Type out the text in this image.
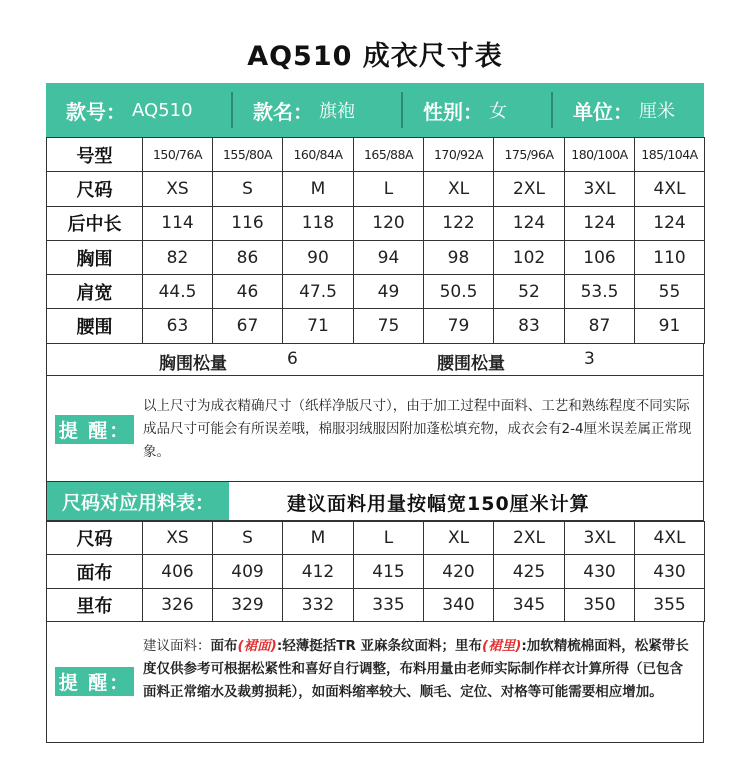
AQ510 成衣尺寸表
款号： AQ510	款名： 旗袍	性别： 女	单位： 厘米
号型	150/76A	155/80A	160/84A	165/88A	170/92A	175/96A	180/100A	185/104A
尺码	XS	S	M	L	XL	2XL	3XL	4XL
后中长	114	116	118	120	122	124	124	124
胸围	82	86	90	94	98	102	106	110
肩宽	44.5	46	47.5	49	50.5	52	53.5	55
腰围	63	67	71	75	79	83	87	91
胸围松量	6	腰围松量	3
提 醒：
以上尺寸为成衣精确尺寸（纸样净版尺寸），由于加工过程中面料、工艺和熟练程度不同实际成品尺寸可能会有所误差哦，棉服羽绒服因附加蓬松填充物，成衣会有2-4厘米误差属正常现象。
尺码对应用料表：	建议面料用量按幅宽150厘米计算
尺码	XS	S	M	L	XL	2XL	3XL	4XL
面布	406	409	412	415	420	425	430	430
里布	326	329	332	335	340	345	350	355
提 醒：
建议面料：面布(裙面):轻薄挺括TR 亚麻条纹面料；里布(裙里):加软精梳棉面料，松紧带长度仅供参考可根据松紧性和喜好自行调整，布料用量由老师实际制作样衣计算所得（已包含面料正常缩水及裁剪损耗），如面料缩率较大、顺毛、定位、对格等可能需要相应增加。
